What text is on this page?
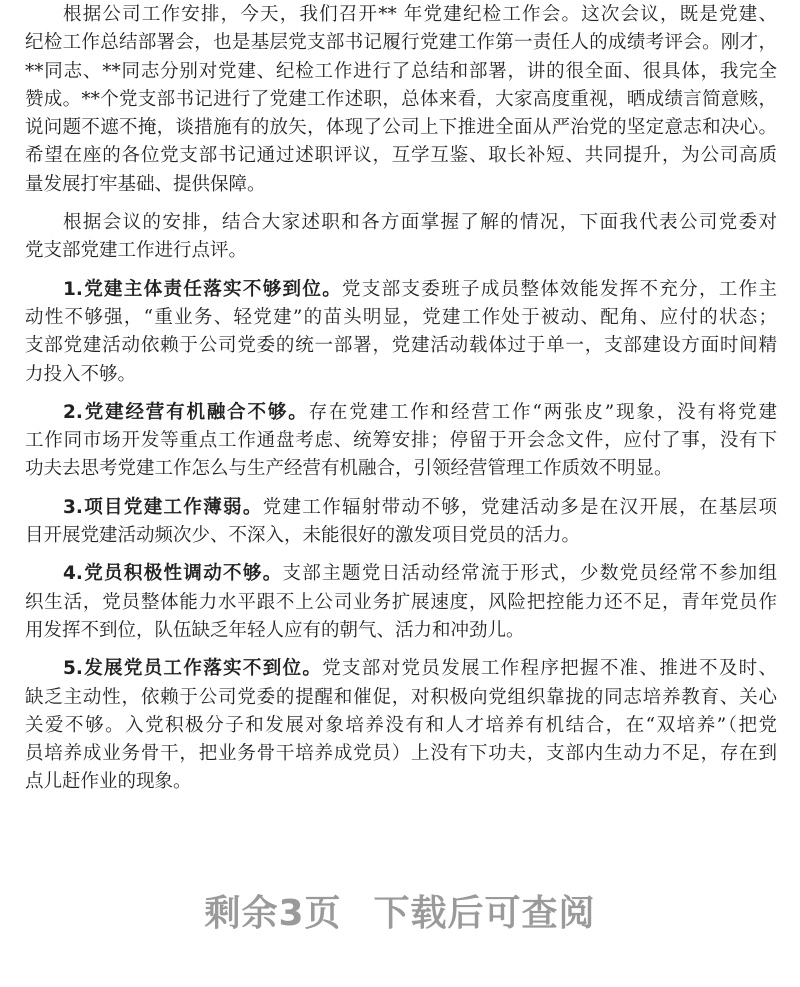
根据公司工作安排，今天，我们召开** 年党建纪检工作会。这次会议，既是党建、
纪检工作总结部署会，也是基层党支部书记履行党建工作第一责任人的成绩考评会。刚才，
**同志、**同志分别对党建、纪检工作进行了总结和部署，讲的很全面、很具体，我完全
赞成。**个党支部书记进行了党建工作述职，总体来看，大家高度重视，晒成绩言简意赅，
说问题不遮不掩，谈措施有的放矢，体现了公司上下推进全面从严治党的坚定意志和决心。
希望在座的各位党支部书记通过述职评议，互学互鉴、取长补短、共同提升，为公司高质
量发展打牢基础、提供保障。
根据会议的安排，结合大家述职和各方面掌握了解的情况，下面我代表公司党委对
党支部党建工作进行点评。
1.党建主体责任落实不够到位。党支部支委班子成员整体效能发挥不充分，工作主
动性不够强，“重业务、轻党建”的苗头明显，党建工作处于被动、配角、应付的状态；
支部党建活动依赖于公司党委的统一部署，党建活动载体过于单一，支部建设方面时间精
力投入不够。
2.党建经营有机融合不够。存在党建工作和经营工作“两张皮”现象，没有将党建
工作同市场开发等重点工作通盘考虑、统筹安排；停留于开会念文件，应付了事，没有下
功夫去思考党建工作怎么与生产经营有机融合，引领经营管理工作质效不明显。
3.项目党建工作薄弱。党建工作辐射带动不够，党建活动多是在汉开展，在基层项
目开展党建活动频次少、不深入，未能很好的激发项目党员的活力。
4.党员积极性调动不够。支部主题党日活动经常流于形式，少数党员经常不参加组
织生活，党员整体能力水平跟不上公司业务扩展速度，风险把控能力还不足，青年党员作
用发挥不到位，队伍缺乏年轻人应有的朝气、活力和冲劲儿。
5.发展党员工作落实不到位。党支部对党员发展工作程序把握不准、推进不及时、
缺乏主动性，依赖于公司党委的提醒和催促，对积极向党组织靠拢的同志培养教育、关心
关爱不够。入党积极分子和发展对象培养没有和人才培养有机结合，在“双培养”（把党
员培养成业务骨干，把业务骨干培养成党员）上没有下功夫，支部内生动力不足，存在到
点儿赶作业的现象。
剩余3页 下载后可查阅
